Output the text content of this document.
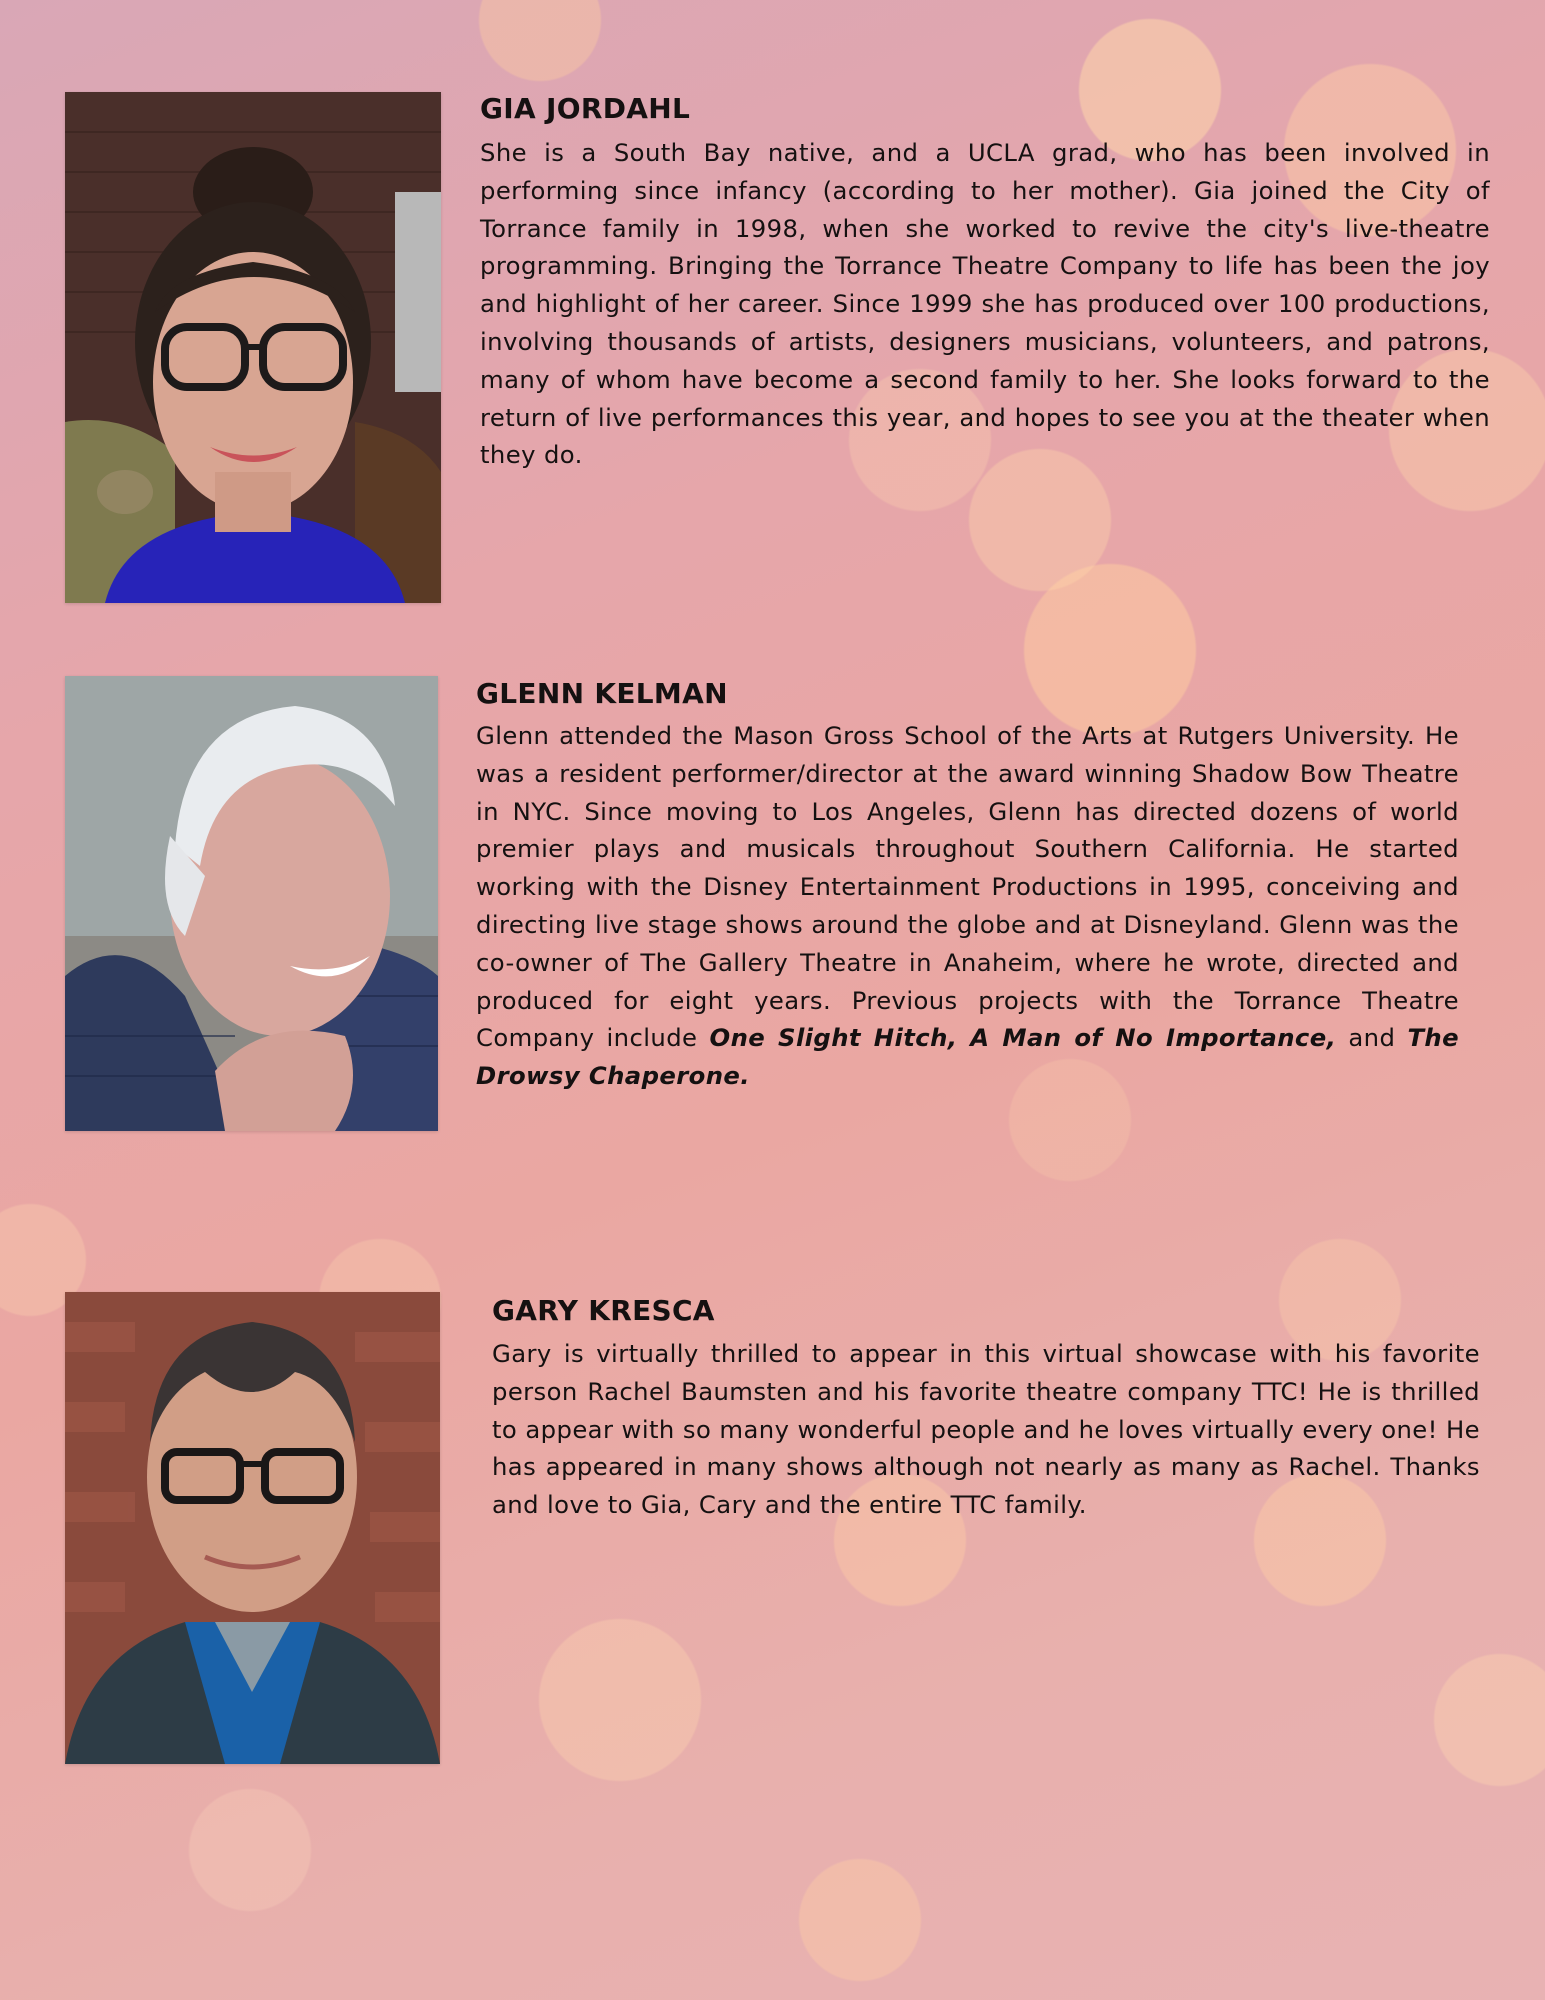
GIA JORDAHL

She is a South Bay native, and a UCLA grad, who has been involved in performing since infancy (according to her mother). Gia joined the City of Torrance family in 1998, when she worked to revive the city's live-theatre programming. Bringing the Torrance Theatre Company to life has been the joy and highlight of her career. Since 1999 she has produced over 100 productions, involving thousands of artists, designers musicians, volunteers, and patrons, many of whom have become a second family to her. She looks forward to the return of live performances this year, and hopes to see you at the theater when they do.

GLENN KELMAN

Glenn attended the Mason Gross School of the Arts at Rutgers University. He was a resident performer/director at the award winning Shadow Bow Theatre in NYC. Since moving to Los Angeles, Glenn has directed dozens of world premier plays and musicals throughout Southern California. He started working with the Disney Entertainment Productions in 1995, conceiving and directing live stage shows around the globe and at Disneyland. Glenn was the co-owner of The Gallery Theatre in Anaheim, where he wrote, directed and produced for eight years. Previous projects with the Torrance Theatre Company include One Slight Hitch, A Man of No Importance, and The Drowsy Chaperone.

GARY KRESCA

Gary is virtually thrilled to appear in this virtual showcase with his favorite person Rachel Baumsten and his favorite theatre company TTC! He is thrilled to appear with so many wonderful people and he loves virtually every one! He has appeared in many shows although not nearly as many as Rachel. Thanks and love to Gia, Cary and the entire TTC family.
